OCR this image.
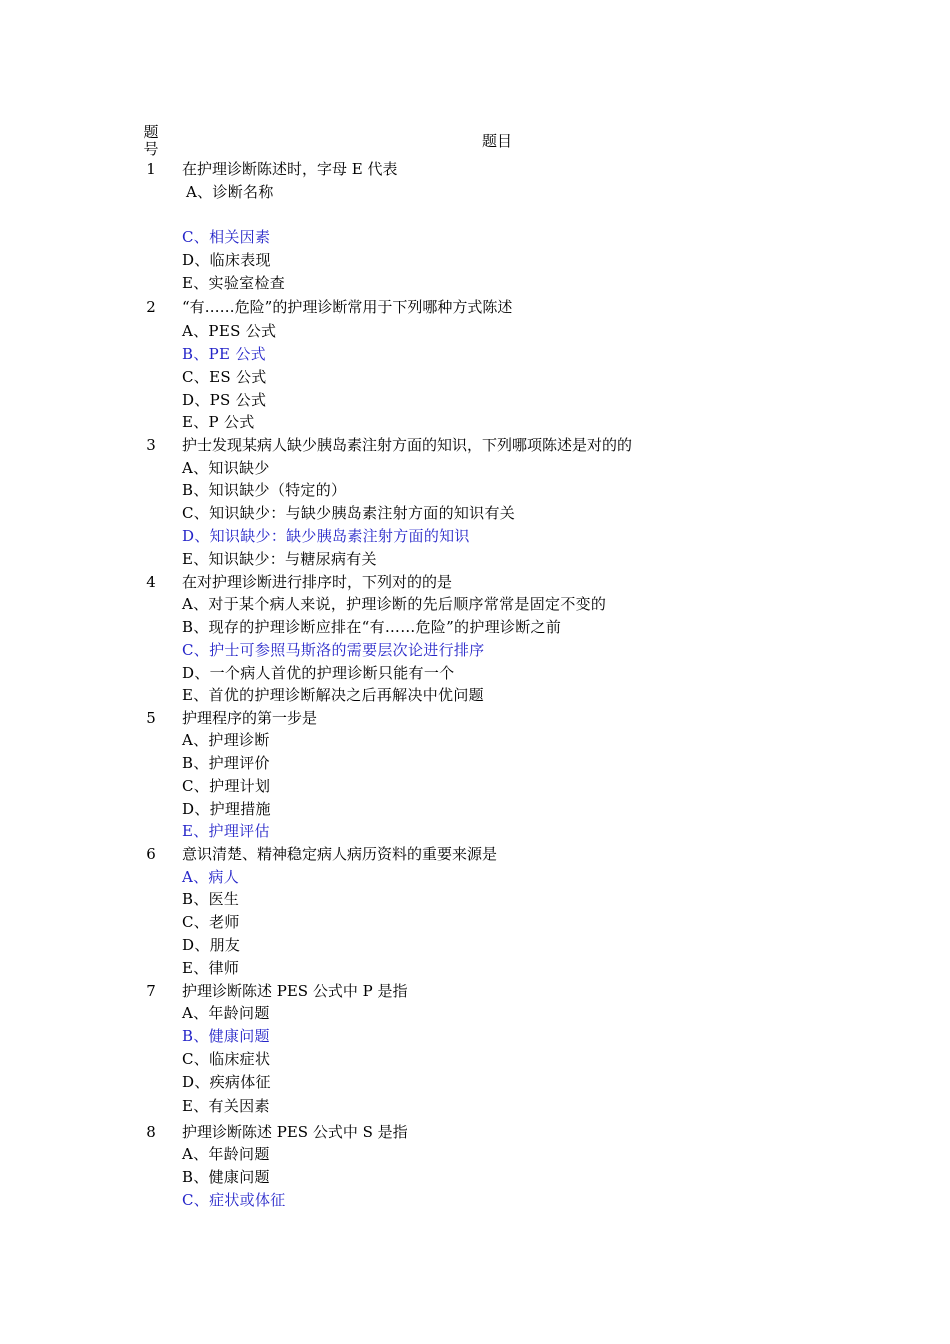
题号	题目
1 在护理诊断陈述时，字母 E 代表
A、诊断名称
C、相关因素
D、临床表现
E、实验室检查
2 “有……危险”的护理诊断常用于下列哪种方式陈述
A、PES 公式
B、PE 公式
C、ES 公式
D、PS 公式
E、P 公式
3 护士发现某病人缺少胰岛素注射方面的知识，下列哪项陈述是对的的
A、知识缺少
B、知识缺少（特定的）
C、知识缺少：与缺少胰岛素注射方面的知识有关
D、知识缺少：缺少胰岛素注射方面的知识
E、知识缺少：与糖尿病有关
4 在对护理诊断进行排序时，下列对的的是
A、对于某个病人来说，护理诊断的先后顺序常常是固定不变的
B、现存的护理诊断应排在“有……危险”的护理诊断之前
C、护士可参照马斯洛的需要层次论进行排序
D、一个病人首优的护理诊断只能有一个
E、首优的护理诊断解决之后再解决中优问题
5 护理程序的第一步是
A、护理诊断
B、护理评价
C、护理计划
D、护理措施
E、护理评估
6 意识清楚、精神稳定病人病历资料的重要来源是
A、病人
B、医生
C、老师
D、朋友
E、律师
7 护理诊断陈述 PES 公式中 P 是指
A、年龄问题
B、健康问题
C、临床症状
D、疾病体征
E、有关因素
8 护理诊断陈述 PES 公式中 S 是指
A、年龄问题
B、健康问题
C、症状或体征
